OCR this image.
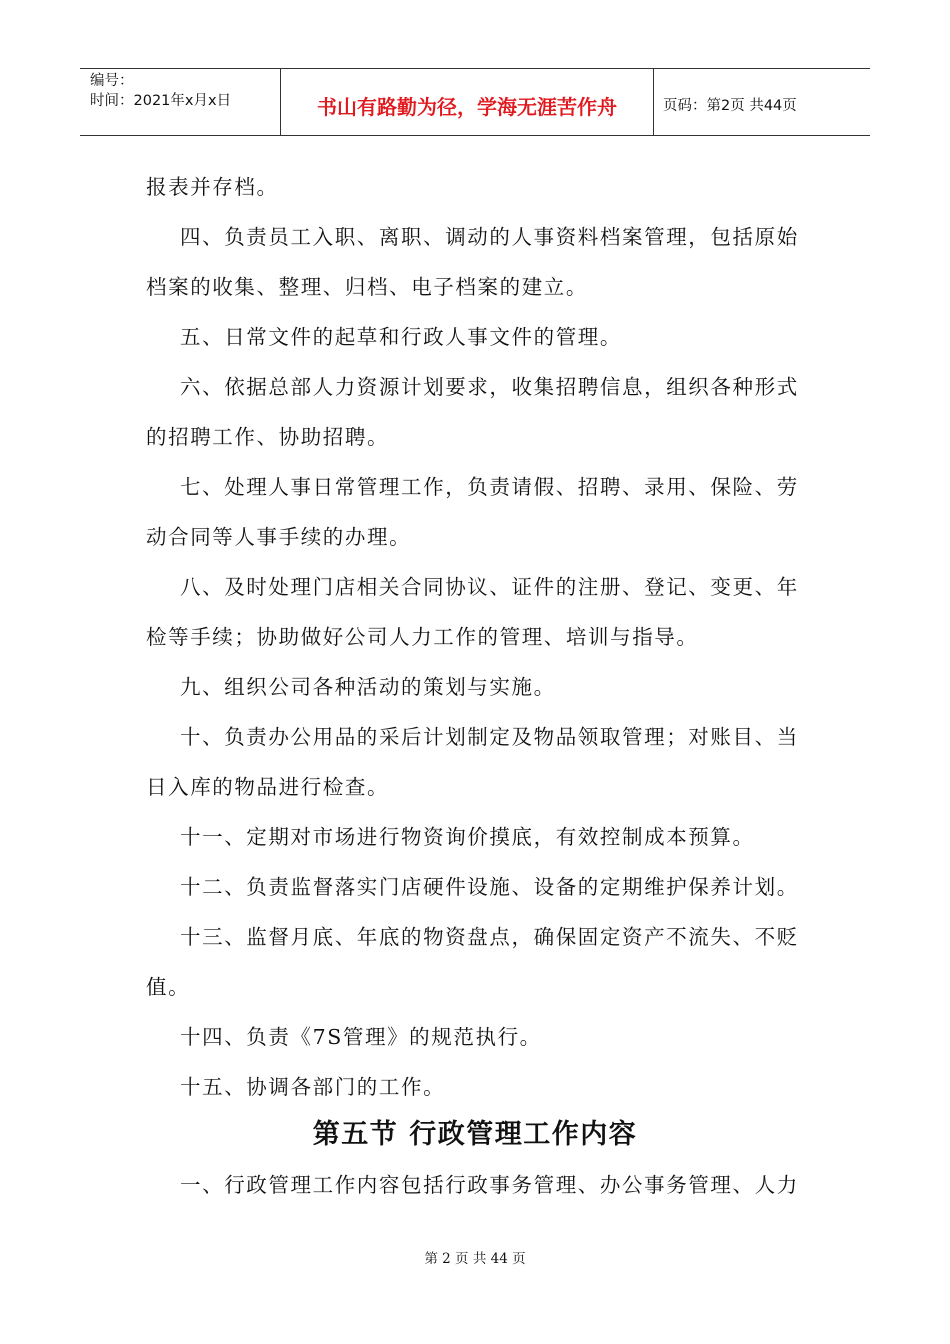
编号：
时间：2021年x月x日	书山有路勤为径，学海无涯苦作舟	页码：第2页 共44页
报表并存档。
四、负责员工入职、离职、调动的人事资料档案管理，包括原始
档案的收集、整理、归档、电子档案的建立。
五、日常文件的起草和行政人事文件的管理。
六、依据总部人力资源计划要求，收集招聘信息，组织各种形式
的招聘工作、协助招聘。
七、处理人事日常管理工作，负责请假、招聘、录用、保险、劳
动合同等人事手续的办理。
八、及时处理门店相关合同协议、证件的注册、登记、变更、年
检等手续；协助做好公司人力工作的管理、培训与指导。
九、组织公司各种活动的策划与实施。
十、负责办公用品的采后计划制定及物品领取管理；对账目、当
日入库的物品进行检查。
十一、定期对市场进行物资询价摸底，有效控制成本预算。
十二、负责监督落实门店硬件设施、设备的定期维护保养计划。
十三、监督月底、年底的物资盘点，确保固定资产不流失、不贬
值。
十四、负责《7S管理》的规范执行。
十五、协调各部门的工作。
第五节 行政管理工作内容
一、行政管理工作内容包括行政事务管理、办公事务管理、人力
第 2 页 共 44 页
